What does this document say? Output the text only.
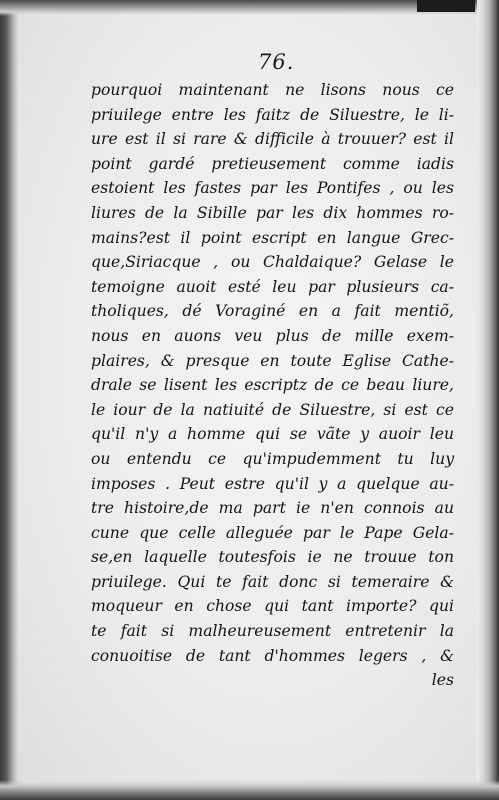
76.
pourquoi maintenant ne lisons nous ce
priuilege entre les faitz de Siluestre, le li-
ure est il si rare & difficile à trouuer? est il
point gardé pretieusement comme iadis
estoient les fastes par les Pontifes , ou les
liures de la Sibille par les dix hommes ro-
mains?est il point escript en langue Grec-
que,Siriacque , ou Chaldaique? Gelase le
temoigne auoit esté leu par plusieurs ca-
tholiques, dé Voraginé en a fait mentiõ,
nous en auons veu plus de mille exem-
plaires, & presque en toute Eglise Cathe-
drale se lisent les escriptz de ce beau liure,
le iour de la natiuité de Siluestre, si est ce
qu'il n'y a homme qui se vãte y auoir leu
ou entendu ce qu'impudemment tu luy
imposes . Peut estre qu'il y a quelque au-
tre histoire,de ma part ie n'en connois au
cune que celle alleguée par le Pape Gela-
se,en laquelle toutesfois ie ne trouue ton
priuilege. Qui te fait donc si temeraire &
moqueur en chose qui tant importe? qui
te fait si malheureusement entretenir la
conuoitise de tant d'hommes legers , &
les
